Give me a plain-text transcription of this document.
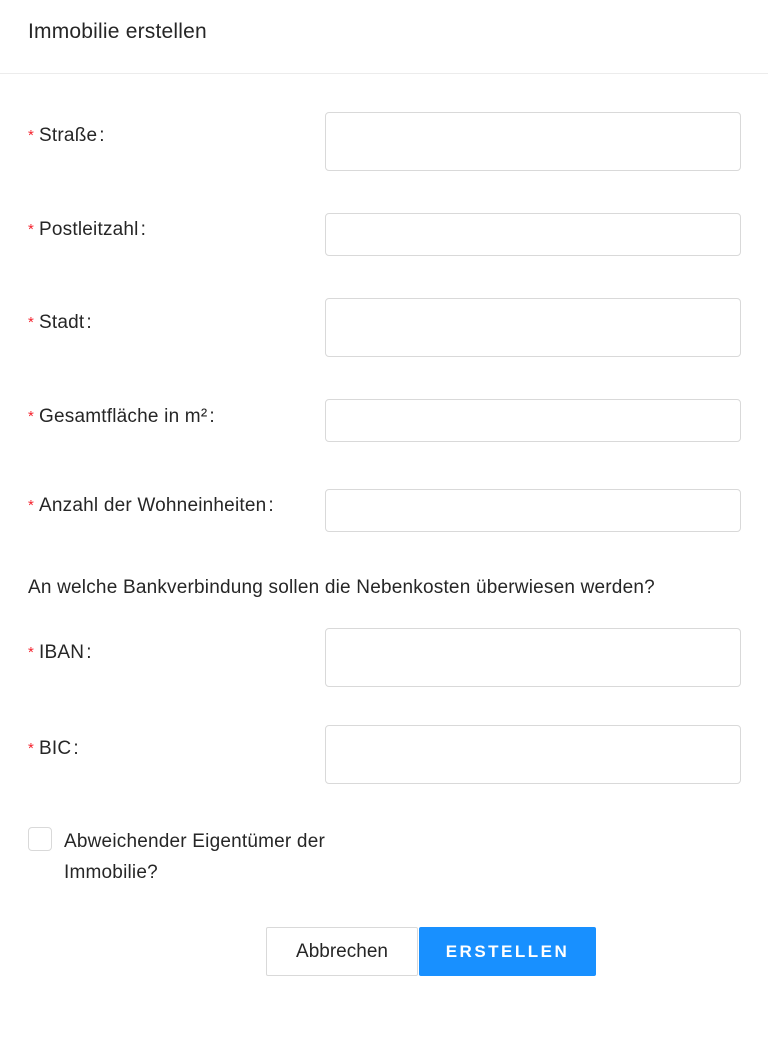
Immobilie erstellen
* Straße :
* Postleitzahl :
* Stadt :
* Gesamtfläche in m² :
* Anzahl der Wohneinheiten :
An welche Bankverbindung sollen die Nebenkosten überwiesen werden?
* IBAN :
* BIC :
Abweichender Eigentümer der Immobilie?
Abbrechen	ERSTELLEN
